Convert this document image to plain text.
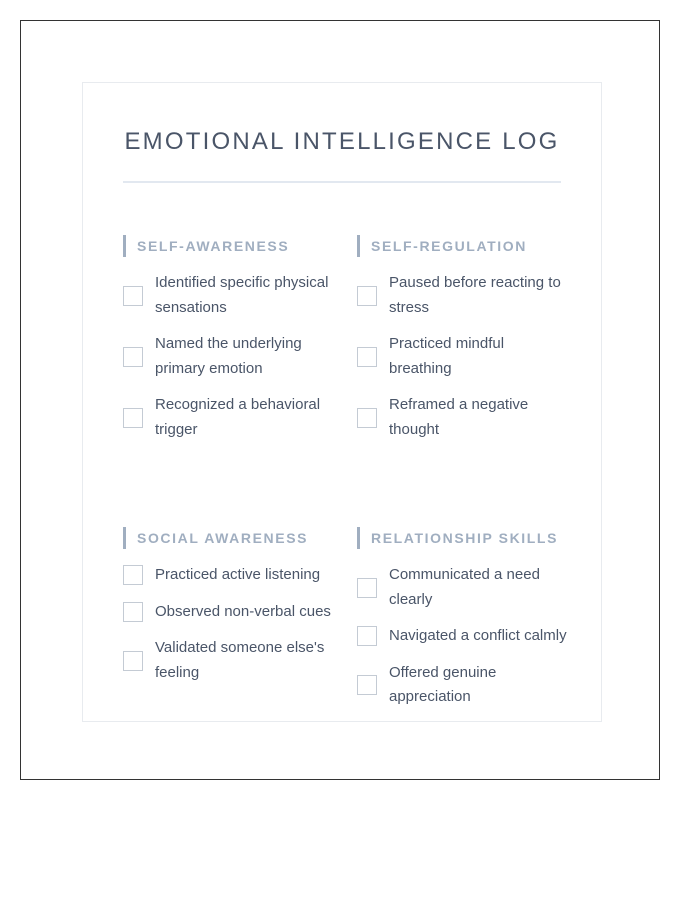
EMOTIONAL INTELLIGENCE LOG
SELF-AWARENESS
Identified specific physical sensations
Named the underlying primary emotion
Recognized a behavioral trigger
SELF-REGULATION
Paused before reacting to stress
Practiced mindful breathing
Reframed a negative thought
SOCIAL AWARENESS
Practiced active listening
Observed non-verbal cues
Validated someone else's feeling
RELATIONSHIP SKILLS
Communicated a need clearly
Navigated a conflict calmly
Offered genuine appreciation
